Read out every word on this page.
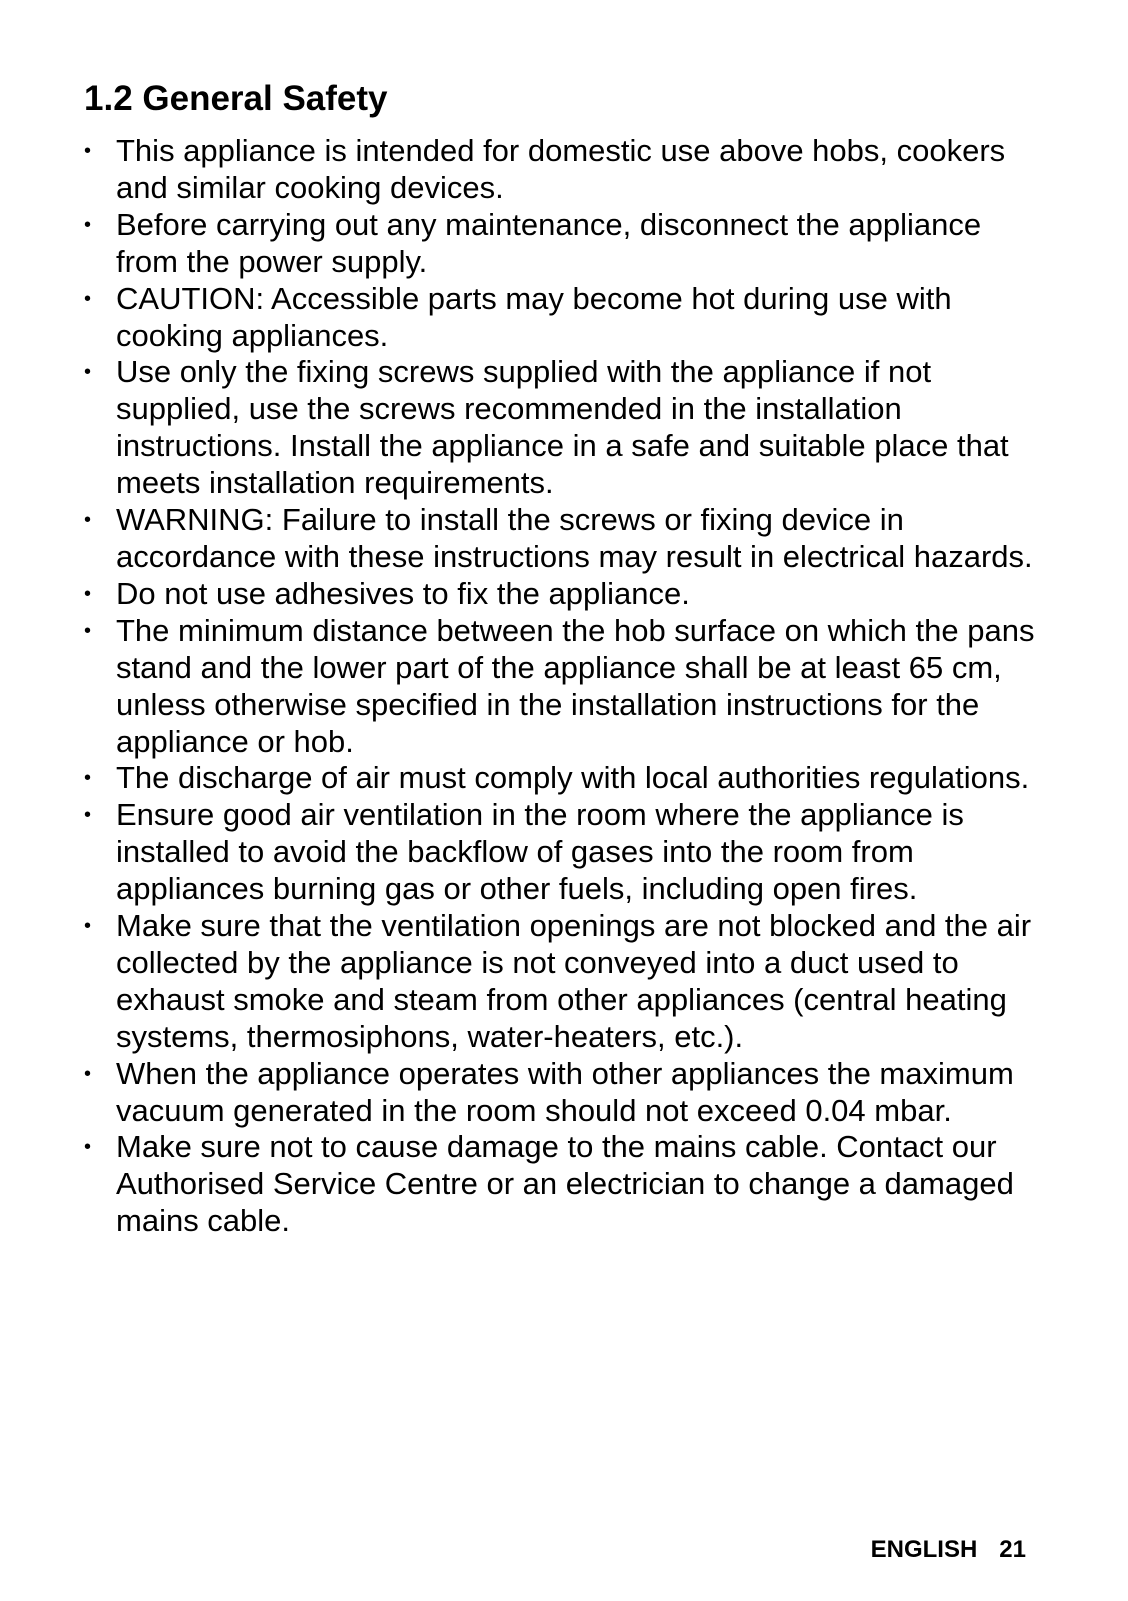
1.2 General Safety
• This appliance is intended for domestic use above hobs, cookers and similar cooking devices.
• Before carrying out any maintenance, disconnect the appliance from the power supply.
• CAUTION: Accessible parts may become hot during use with cooking appliances.
• Use only the fixing screws supplied with the appliance if not supplied, use the screws recommended in the installation instructions. Install the appliance in a safe and suitable place that meets installation requirements.
• WARNING: Failure to install the screws or fixing device in accordance with these instructions may result in electrical hazards.
• Do not use adhesives to fix the appliance.
• The minimum distance between the hob surface on which the pans stand and the lower part of the appliance shall be at least 65 cm, unless otherwise specified in the installation instructions for the appliance or hob.
• The discharge of air must comply with local authorities regulations.
• Ensure good air ventilation in the room where the appliance is installed to avoid the backflow of gases into the room from appliances burning gas or other fuels, including open fires.
• Make sure that the ventilation openings are not blocked and the air collected by the appliance is not conveyed into a duct used to exhaust smoke and steam from other appliances (central heating systems, thermosiphons, water-heaters, etc.).
• When the appliance operates with other appliances the maximum vacuum generated in the room should not exceed 0.04 mbar.
• Make sure not to cause damage to the mains cable. Contact our Authorised Service Centre or an electrician to change a damaged mains cable.
ENGLISH 21
